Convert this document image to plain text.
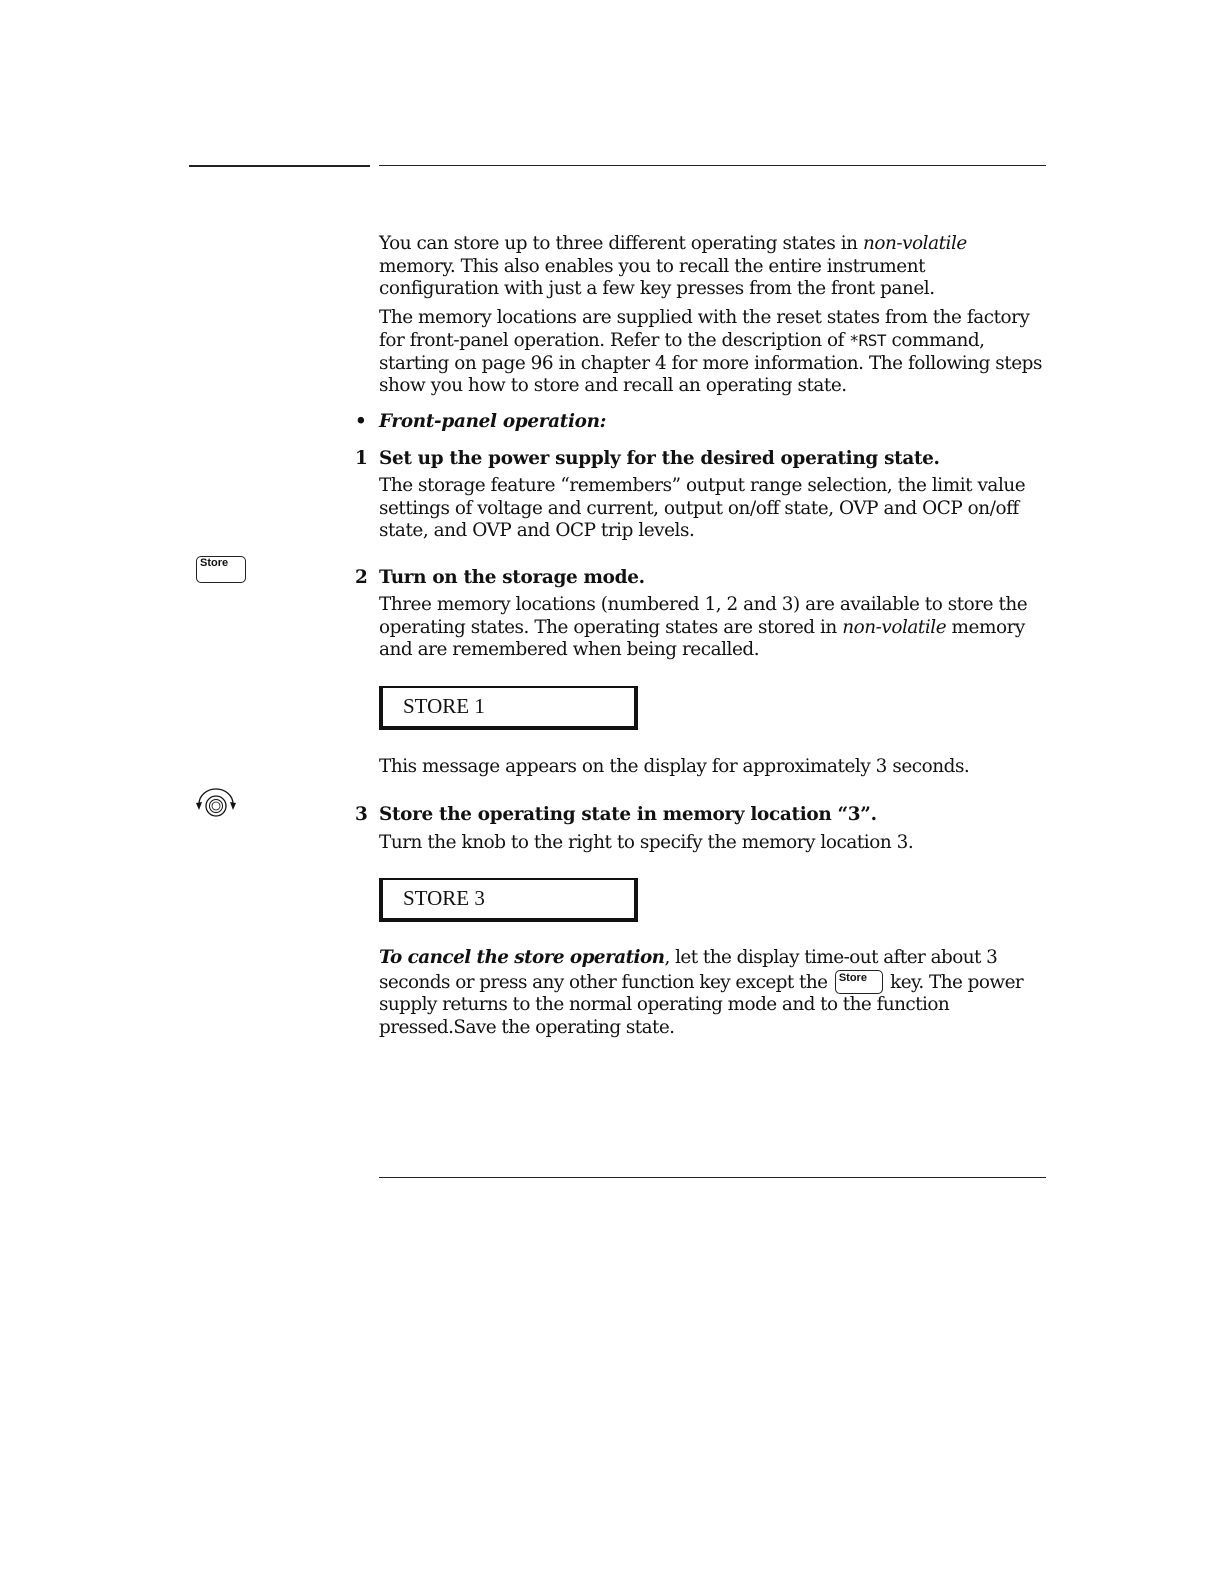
You can store up to three different operating states in non-volatile memory. This also enables you to recall the entire instrument configuration with just a few key presses from the front panel.

The memory locations are supplied with the reset states from the factory for front-panel operation. Refer to the description of *RST command, starting on page 96 in chapter 4 for more information. The following steps show you how to store and recall an operating state.

• Front-panel operation:
1 Set up the power supply for the desired operating state.

The storage feature “remembers” output range selection, the limit value settings of voltage and current, output on/off state, OVP and OCP on/off state, and OVP and OCP trip levels.

Store
2 Turn on the storage mode.

Three memory locations (numbered 1, 2 and 3) are available to store the operating states. The operating states are stored in non-volatile memory and are remembered when being recalled.

STORE 1
This message appears on the display for approximately 3 seconds.
3 Store the operating state in memory location “3”.

Turn the knob to the right to specify the memory location 3.

STORE 3
To cancel the store operation, let the display time-out after about 3 seconds or press any other function key except the Store key. The power supply returns to the normal operating mode and to the function pressed.Save the operating state.
